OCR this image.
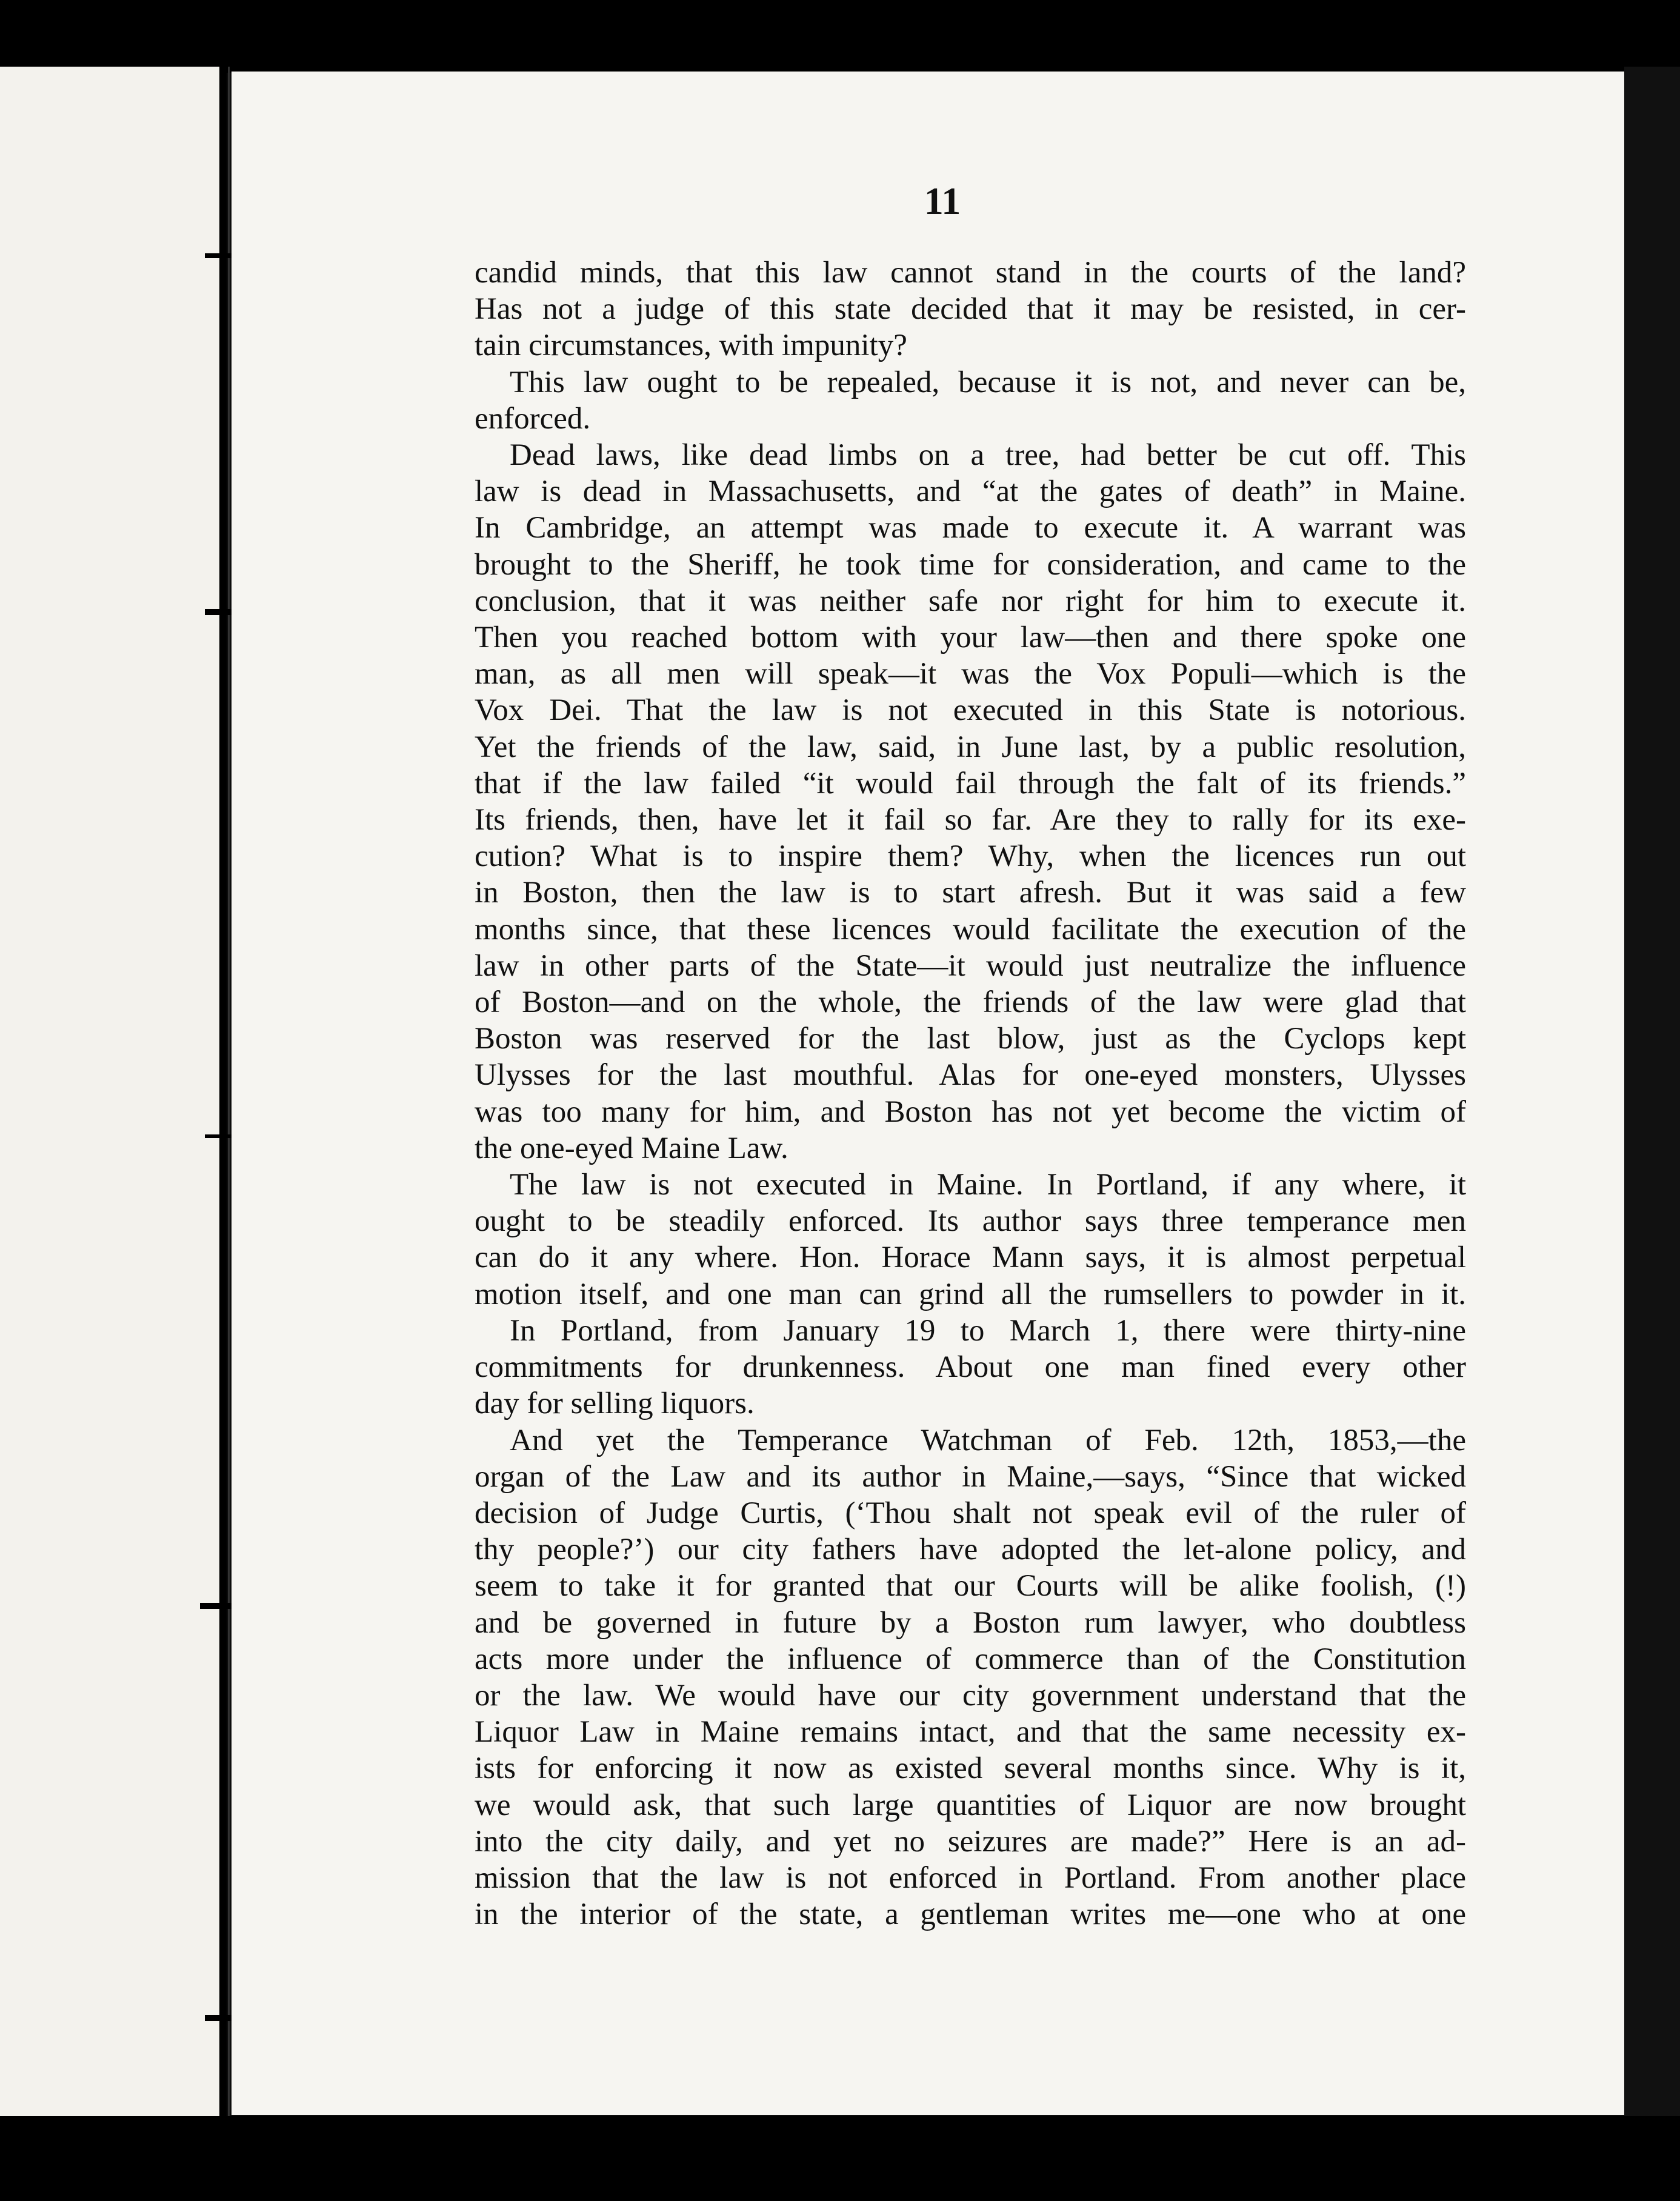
11
candid minds, that this law cannot stand in the courts of the land?
Has not a judge of this state decided that it may be resisted, in cer-
tain circumstances, with impunity?
This law ought to be repealed, because it is not, and never can be,
enforced.
Dead laws, like dead limbs on a tree, had better be cut off. This
law is dead in Massachusetts, and “at the gates of death” in Maine.
In Cambridge, an attempt was made to execute it. A warrant was
brought to the Sheriff, he took time for consideration, and came to the
conclusion, that it was neither safe nor right for him to execute it.
Then you reached bottom with your law—then and there spoke one
man, as all men will speak—it was the Vox Populi—which is the
Vox Dei. That the law is not executed in this State is notorious.
Yet the friends of the law, said, in June last, by a public resolution,
that if the law failed “it would fail through the falt of its friends.”
Its friends, then, have let it fail so far. Are they to rally for its exe-
cution? What is to inspire them? Why, when the licences run out
in Boston, then the law is to start afresh. But it was said a few
months since, that these licences would facilitate the execution of the
law in other parts of the State—it would just neutralize the influence
of Boston—and on the whole, the friends of the law were glad that
Boston was reserved for the last blow, just as the Cyclops kept
Ulysses for the last mouthful. Alas for one-eyed monsters, Ulysses
was too many for him, and Boston has not yet become the victim of
the one-eyed Maine Law.
The law is not executed in Maine. In Portland, if any where, it
ought to be steadily enforced. Its author says three temperance men
can do it any where. Hon. Horace Mann says, it is almost perpetual
motion itself, and one man can grind all the rumsellers to powder in it.
In Portland, from January 19 to March 1, there were thirty-nine
commitments for drunkenness. About one man fined every other
day for selling liquors.
And yet the Temperance Watchman of Feb. 12th, 1853,—the
organ of the Law and its author in Maine,—says, “Since that wicked
decision of Judge Curtis, (‘Thou shalt not speak evil of the ruler of
thy people?’) our city fathers have adopted the let-alone policy, and
seem to take it for granted that our Courts will be alike foolish, (!)
and be governed in future by a Boston rum lawyer, who doubtless
acts more under the influence of commerce than of the Constitution
or the law. We would have our city government understand that the
Liquor Law in Maine remains intact, and that the same necessity ex-
ists for enforcing it now as existed several months since. Why is it,
we would ask, that such large quantities of Liquor are now brought
into the city daily, and yet no seizures are made?” Here is an ad-
mission that the law is not enforced in Portland. From another place
in the interior of the state, a gentleman writes me—one who at one
